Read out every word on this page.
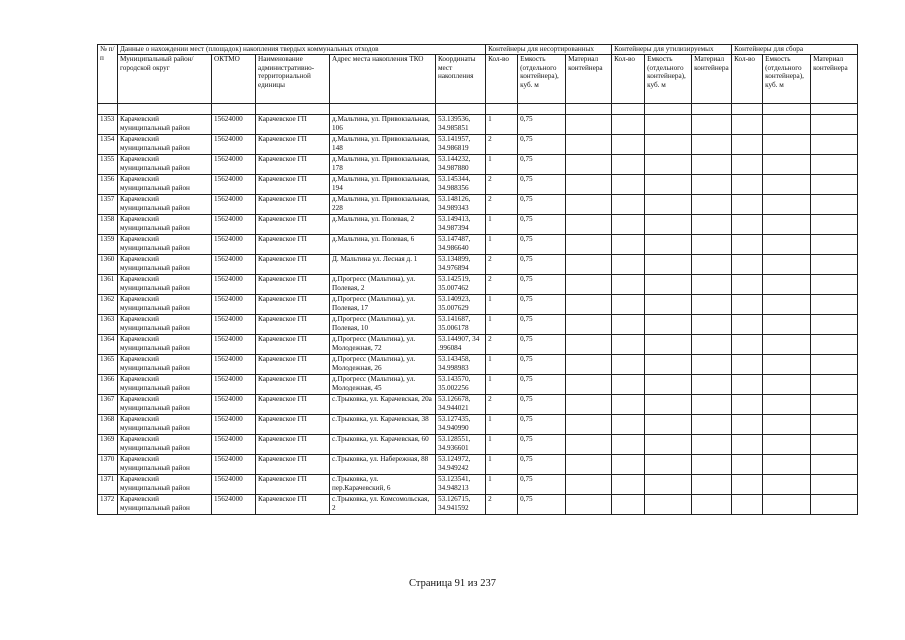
№ п/п	Данные о нахождении мест (площадок) накопления твердых коммунальных отходов					Контейнеры для несортированных			Контейнеры для утилизируемых			Контейнеры для сбора		
	Муниципальный район/городской округ	ОКТМО	Наименование административно-территориальной единицы	Адрес места накопления ТКО	Координаты мест накопления	Кол-во	Емкость (отдельного контейнера), куб. м	Материал контейнера	Кол-во	Емкость (отдельного контейнера), куб. м	Материал контейнера	Кол-во	Емкость (отдельного контейнера), куб. м	Материал контейнера

1353	Карачевский муниципальный район	15624000	Карачевское ГП	д.Мальтина, ул. Привокзальная, 106	53.139536, 34.985851	1	0,75							
1354	Карачевский муниципальный район	15624000	Карачевское ГП	д.Мальтина, ул. Привокзальная, 148	53.141957, 34.986819	2	0,75							
1355	Карачевский муниципальный район	15624000	Карачевское ГП	д.Мальтина, ул. Привокзальная, 178	53.144232, 34.987880	1	0,75							
1356	Карачевский муниципальный район	15624000	Карачевское ГП	д.Мальтина, ул. Привокзальная, 194	53.145344, 34.988356	2	0,75							
1357	Карачевский муниципальный район	15624000	Карачевское ГП	д.Мальтина, ул. Привокзальная, 228	53.148126, 34.989343	2	0,75							
1358	Карачевский муниципальный район	15624000	Карачевское ГП	д.Мальтина, ул. Полевая, 2	53.149413, 34.987394	1	0,75							
1359	Карачевский муниципальный район	15624000	Карачевское ГП	д.Мальтина, ул. Полевая, 6	53.147487, 34.986640	1	0,75							
1360	Карачевский муниципальный район	15624000	Карачевское ГП	Д. Мальтина ул. Лесная д. 1	53.134899, 34.976894	2	0,75							
1361	Карачевский муниципальный район	15624000	Карачевское ГП	д.Прогресс (Мальтина), ул. Полевая, 2	53.142519, 35.007462	2	0,75							
1362	Карачевский муниципальный район	15624000	Карачевское ГП	д.Прогресс (Мальтина), ул. Полевая, 17	53.140923, 35.007629	1	0,75							
1363	Карачевский муниципальный район	15624000	Карачевское ГП	д.Прогресс (Мальтина), ул. Полевая, 10	53.141687, 35.006178	1	0,75							
1364	Карачевский муниципальный район	15624000	Карачевское ГП	д.Прогресс (Мальтина), ул. Молодежная, 72	53.144907, 34 .996084	2	0,75							
1365	Карачевский муниципальный район	15624000	Карачевское ГП	д.Прогресс (Мальтина), ул. Молодежная, 26	53.143458, 34.998983	1	0,75							
1366	Карачевский муниципальный район	15624000	Карачевское ГП	д.Прогресс (Мальтина), ул. Молодежная, 45	53.143570, 35.002256	1	0,75							
1367	Карачевский муниципальный район	15624000	Карачевское ГП	с.Трыковка, ул. Карачевская, 20а	53.126678, 34.944021	2	0,75							
1368	Карачевский муниципальный район	15624000	Карачевское ГП	с.Трыковка, ул. Карачевская, 38	53.127435, 34.940990	1	0,75							
1369	Карачевский муниципальный район	15624000	Карачевское ГП	с.Трыковка, ул. Карачевская, 60	53.128551, 34.936601	1	0,75							
1370	Карачевский муниципальный район	15624000	Карачевское ГП	с.Трыковка, ул. Набережная, 88	53.124972, 34.949242	1	0,75							
1371	Карачевский муниципальный район	15624000	Карачевское ГП	с.Трыковка, ул. пер.Карачевский, 6	53.123541, 34.948213	1	0,75							
1372	Карачевский муниципальный район	15624000	Карачевское ГП	с.Трыковка, ул. Комсомольская, 2	53.126715, 34.941592	2	0,75							
Страница 91 из 237
